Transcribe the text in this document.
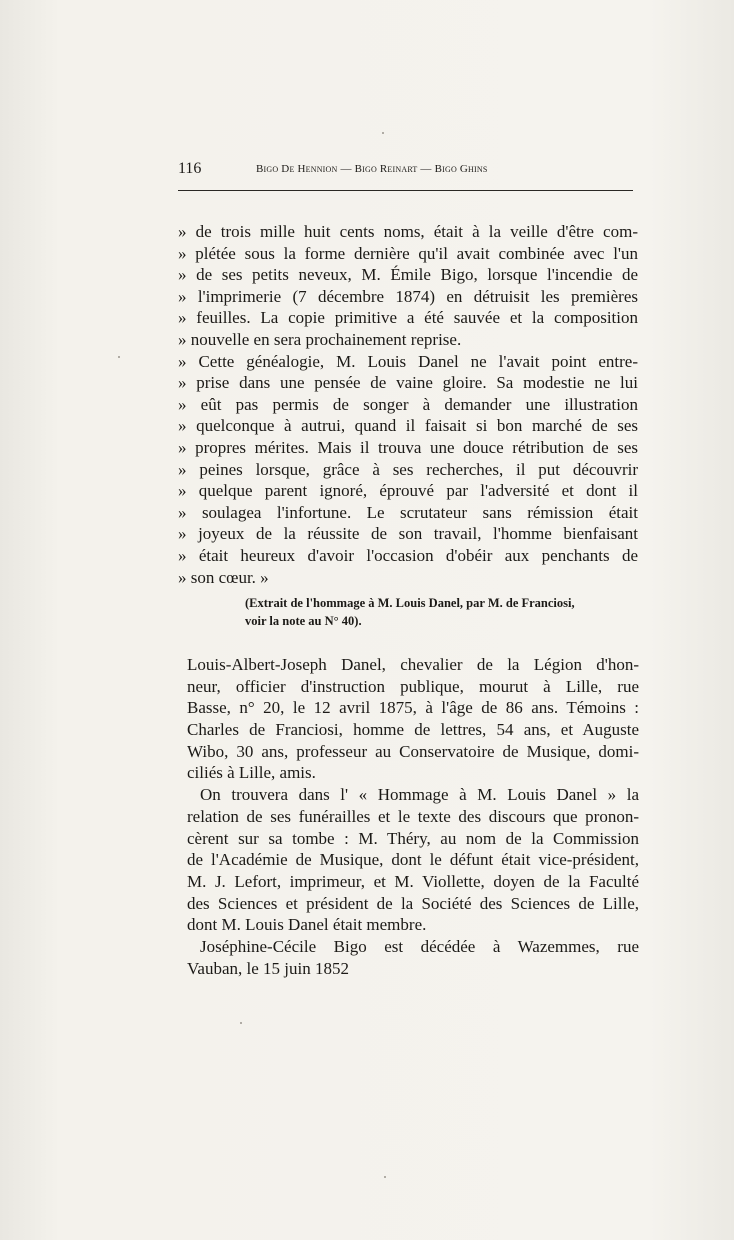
116	Bigo De Hennion — Bigo Reinart — Bigo Ghins
» de trois mille huit cents noms, était à la veille d'être com-
» plétée sous la forme dernière qu'il avait combinée avec l'un
» de ses petits neveux, M. Émile Bigo, lorsque l'incendie de
» l'imprimerie (7 décembre 1874) en détruisit les premières
» feuilles. La copie primitive a été sauvée et la composition
» nouvelle en sera prochainement reprise.
» Cette généalogie, M. Louis Danel ne l'avait point entre-
» prise dans une pensée de vaine gloire. Sa modestie ne lui
» eût pas permis de songer à demander une illustration
» quelconque à autrui, quand il faisait si bon marché de ses
» propres mérites. Mais il trouva une douce rétribution de ses
» peines lorsque, grâce à ses recherches, il put découvrir
» quelque parent ignoré, éprouvé par l'adversité et dont il
» soulagea l'infortune. Le scrutateur sans rémission était
» joyeux de la réussite de son travail, l'homme bienfaisant
» était heureux d'avoir l'occasion d'obéir aux penchants de
» son cœur. »
(Extrait de l'hommage à M. Louis Danel, par M. de Franciosi,
voir la note au N° 40).
Louis-Albert-Joseph Danel, chevalier de la Légion d'hon-
neur, officier d'instruction publique, mourut à Lille, rue
Basse, n° 20, le 12 avril 1875, à l'âge de 86 ans. Témoins :
Charles de Franciosi, homme de lettres, 54 ans, et Auguste
Wibo, 30 ans, professeur au Conservatoire de Musique, domi-
ciliés à Lille, amis.
On trouvera dans l' « Hommage à M. Louis Danel » la
relation de ses funérailles et le texte des discours que pronon-
cèrent sur sa tombe : M. Théry, au nom de la Commission
de l'Académie de Musique, dont le défunt était vice-président,
M. J. Lefort, imprimeur, et M. Viollette, doyen de la Faculté
des Sciences et président de la Société des Sciences de Lille,
dont M. Louis Danel était membre.
Joséphine-Cécile Bigo est décédée à Wazemmes, rue
Vauban, le 15 juin 1852
